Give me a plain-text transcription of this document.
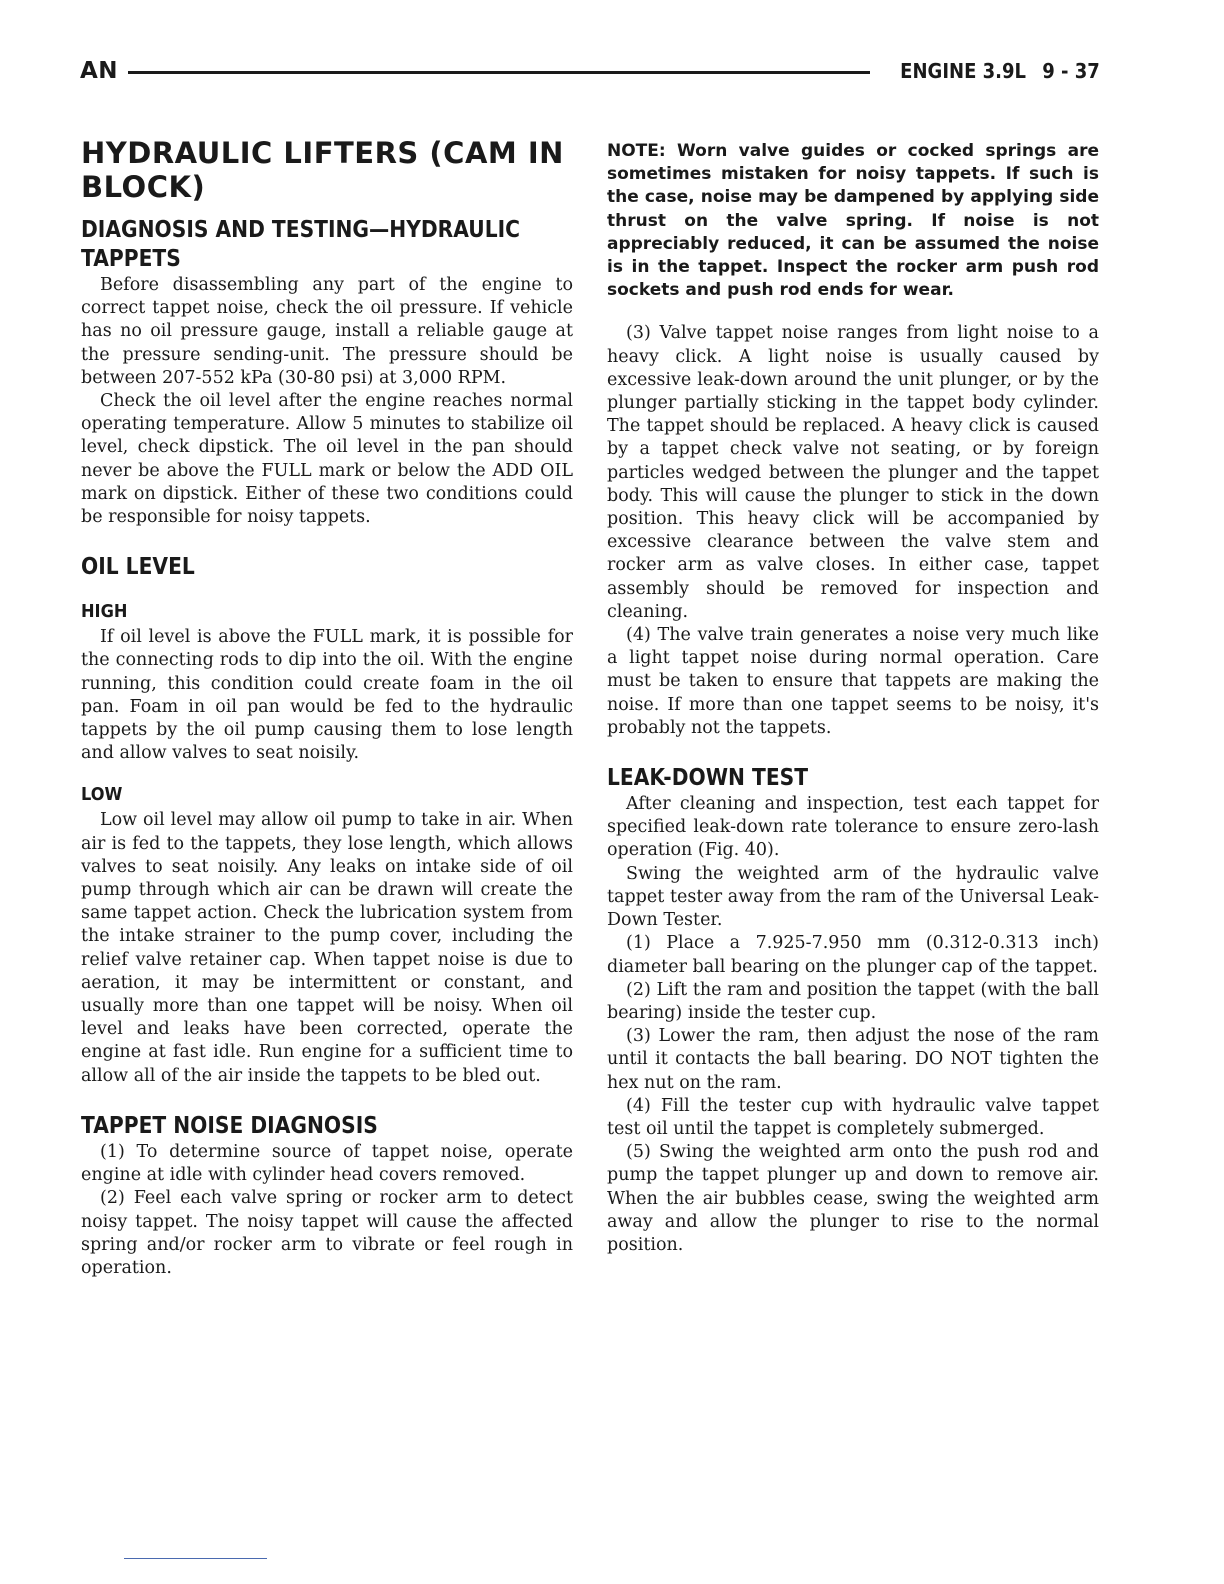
AN	ENGINE 3.9L 9 - 37
HYDRAULIC LIFTERS (CAM IN BLOCK)
DIAGNOSIS AND TESTING—HYDRAULIC TAPPETS

Before disassembling any part of the engine to correct tappet noise, check the oil pressure. If vehicle has no oil pressure gauge, install a reliable gauge at the pressure sending-unit. The pressure should be between 207-552 kPa (30-80 psi) at 3,000 RPM.

Check the oil level after the engine reaches normal operating temperature. Allow 5 minutes to stabilize oil level, check dipstick. The oil level in the pan should never be above the FULL mark or below the ADD OIL mark on dipstick. Either of these two conditions could be responsible for noisy tappets.

OIL LEVEL
HIGH

If oil level is above the FULL mark, it is possible for the connecting rods to dip into the oil. With the engine running, this condition could create foam in the oil pan. Foam in oil pan would be fed to the hydraulic tappets by the oil pump causing them to lose length and allow valves to seat noisily.

LOW

Low oil level may allow oil pump to take in air. When air is fed to the tappets, they lose length, which allows valves to seat noisily. Any leaks on intake side of oil pump through which air can be drawn will create the same tappet action. Check the lubrication system from the intake strainer to the pump cover, including the relief valve retainer cap. When tappet noise is due to aeration, it may be intermittent or constant, and usually more than one tappet will be noisy. When oil level and leaks have been corrected, operate the engine at fast idle. Run engine for a sufficient time to allow all of the air inside the tappets to be bled out.

TAPPET NOISE DIAGNOSIS

(1) To determine source of tappet noise, operate engine at idle with cylinder head covers removed.

(2) Feel each valve spring or rocker arm to detect noisy tappet. The noisy tappet will cause the affected spring and/or rocker arm to vibrate or feel rough in operation.

NOTE: Worn valve guides or cocked springs are sometimes mistaken for noisy tappets. If such is the case, noise may be dampened by applying side thrust on the valve spring. If noise is not appreciably reduced, it can be assumed the noise is in the tappet. Inspect the rocker arm push rod sockets and push rod ends for wear.

(3) Valve tappet noise ranges from light noise to a heavy click. A light noise is usually caused by excessive leak-down around the unit plunger, or by the plunger partially sticking in the tappet body cylinder. The tappet should be replaced. A heavy click is caused by a tappet check valve not seating, or by foreign particles wedged between the plunger and the tappet body. This will cause the plunger to stick in the down position. This heavy click will be accompanied by excessive clearance between the valve stem and rocker arm as valve closes. In either case, tappet assembly should be removed for inspection and cleaning.

(4) The valve train generates a noise very much like a light tappet noise during normal operation. Care must be taken to ensure that tappets are making the noise. If more than one tappet seems to be noisy, it's probably not the tappets.

LEAK-DOWN TEST

After cleaning and inspection, test each tappet for specified leak-down rate tolerance to ensure zero-lash operation (Fig. 40).

Swing the weighted arm of the hydraulic valve tappet tester away from the ram of the Universal Leak-Down Tester.

(1) Place a 7.925-7.950 mm (0.312-0.313 inch) diameter ball bearing on the plunger cap of the tappet.

(2) Lift the ram and position the tappet (with the ball bearing) inside the tester cup.

(3) Lower the ram, then adjust the nose of the ram until it contacts the ball bearing. DO NOT tighten the hex nut on the ram.

(4) Fill the tester cup with hydraulic valve tappet test oil until the tappet is completely submerged.

(5) Swing the weighted arm onto the push rod and pump the tappet plunger up and down to remove air. When the air bubbles cease, swing the weighted arm away and allow the plunger to rise to the normal position.
